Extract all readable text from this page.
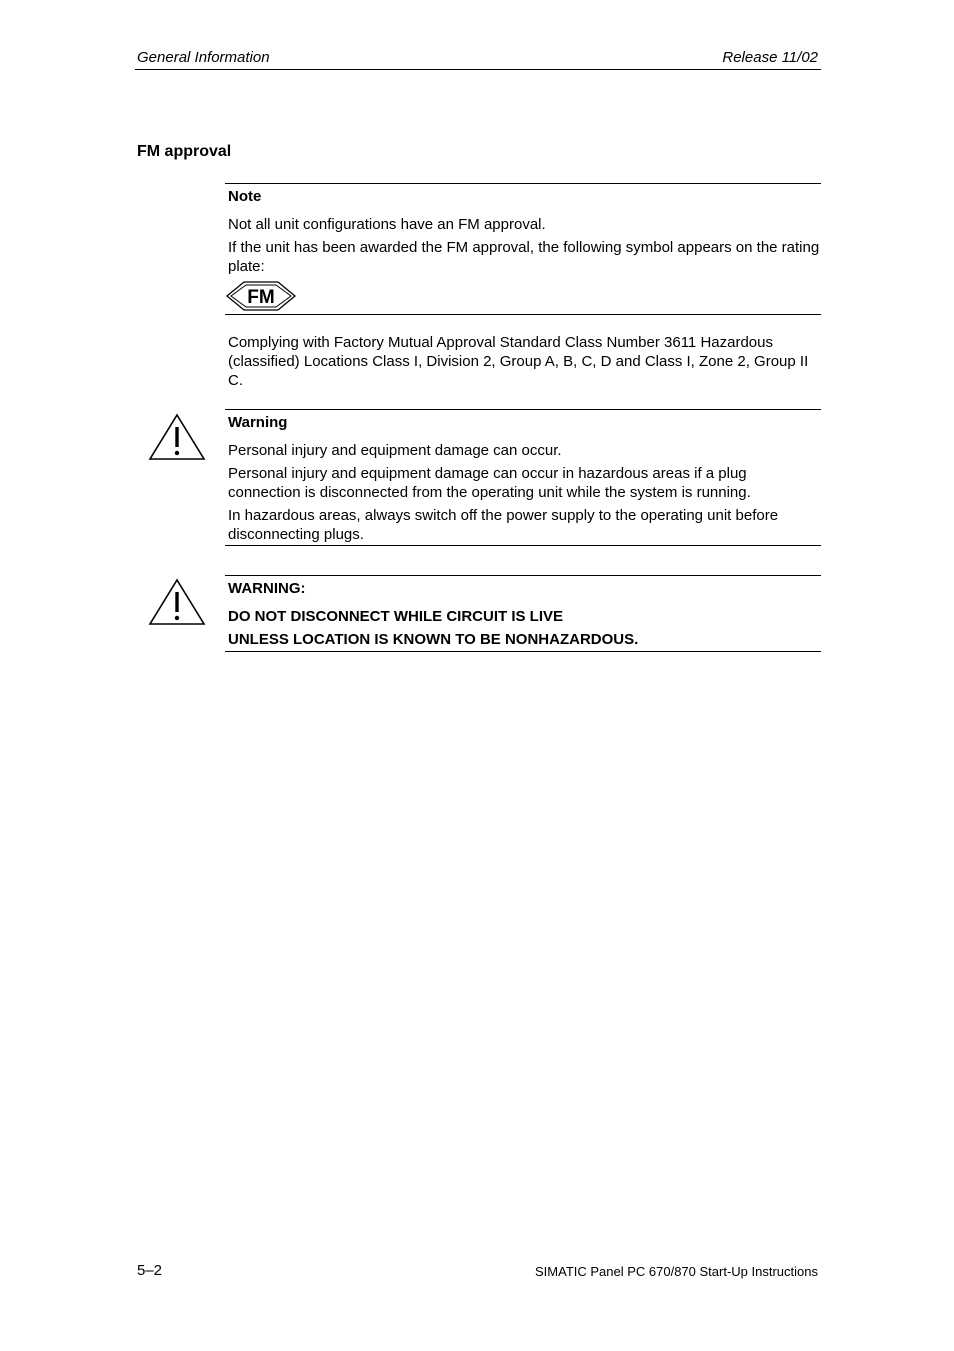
General Information	Release 11/02
FM approval
Note
Not all unit configurations have an FM approval.
If the unit has been awarded the FM approval, the following symbol appears on the rating plate:
FM
Complying with Factory Mutual Approval Standard Class Number 3611 Hazardous (classified) Locations Class I, Division 2, Group A, B, C, D and Class I, Zone 2, Group II C.
Warning
Personal injury and equipment damage can occur.
Personal injury and equipment damage can occur in hazardous areas if a plug connection is disconnected from the operating unit while the system is running.
In hazardous areas, always switch off the power supply to the operating unit before disconnecting plugs.
WARNING:
DO NOT DISCONNECT WHILE CIRCUIT IS LIVE
UNLESS LOCATION IS KNOWN TO BE NONHAZARDOUS.
5–2	SIMATIC Panel PC 670/870 Start-Up Instructions
